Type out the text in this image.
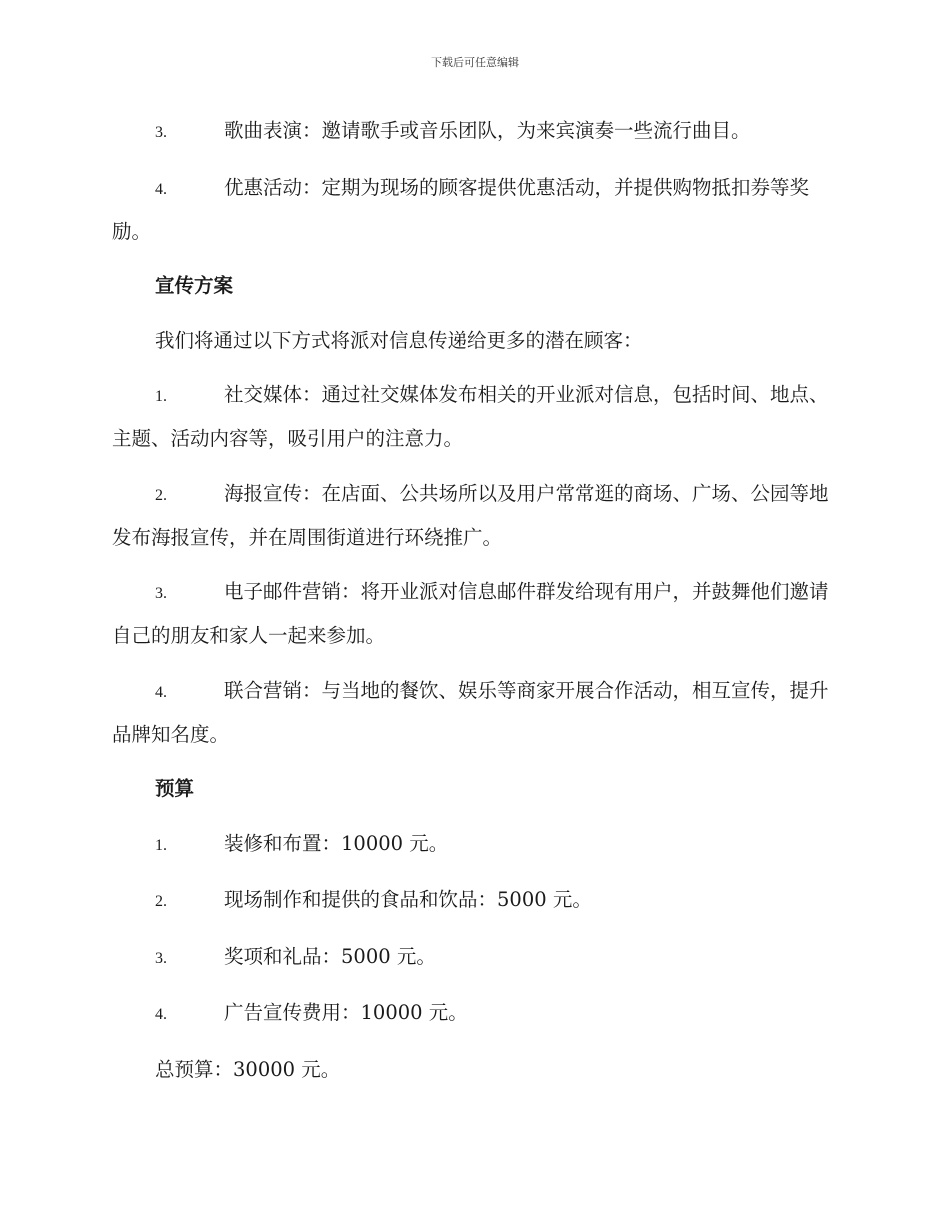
下载后可任意编辑

3.	歌曲表演：邀请歌手或音乐团队，为来宾演奏一些流行曲目。

4.	优惠活动：定期为现场的顾客提供优惠活动，并提供购物抵扣券等奖励。

宣传方案

我们将通过以下方式将派对信息传递给更多的潜在顾客：

1.	社交媒体：通过社交媒体发布相关的开业派对信息，包括时间、地点、主题、活动内容等，吸引用户的注意力。

2.	海报宣传：在店面、公共场所以及用户常常逛的商场、广场、公园等地发布海报宣传，并在周围街道进行环绕推广。

3.	电子邮件营销：将开业派对信息邮件群发给现有用户，并鼓舞他们邀请自己的朋友和家人一起来参加。

4.	联合营销：与当地的餐饮、娱乐等商家开展合作活动，相互宣传，提升品牌知名度。

预算

1.	装修和布置：10000 元。

2.	现场制作和提供的食品和饮品：5000 元。

3.	奖项和礼品：5000 元。

4.	广告宣传费用：10000 元。

总预算：30000 元。
